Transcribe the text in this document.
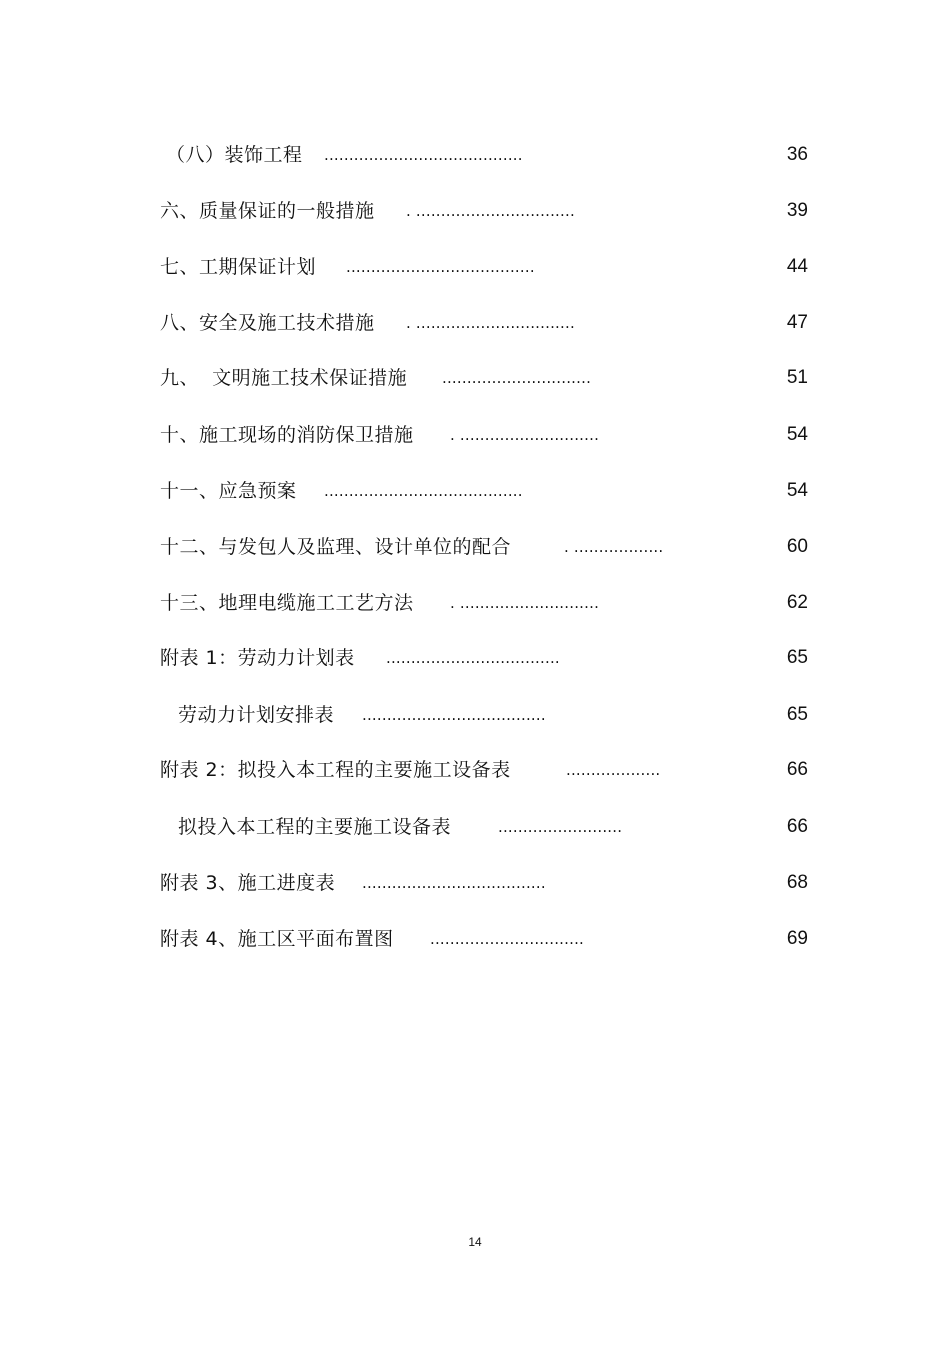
（八）装饰工程 ........................................	36
六、质量保证的一般措施 . ................................	39
七、工期保证计划 ......................................	44
八、安全及施工技术措施 . ................................	47
九、  文明施工技术保证措施 ..............................	51
十、施工现场的消防保卫措施 . ............................	54
十一、应急预案 ........................................	54
十二、与发包人及监理、设计单位的配合	. ..................	60
十三、地理电缆施工工艺方法 . ............................	62
附表 1：劳动力计划表 ...................................	65
劳动力计划安排表 .....................................	65
附表 2：拟投入本工程的主要施工设备表	...................	66
拟投入本工程的主要施工设备表	.........................	66
附表 3、施工进度表 .....................................	68
附表 4、施工区平面布置图 ...............................	69
14
